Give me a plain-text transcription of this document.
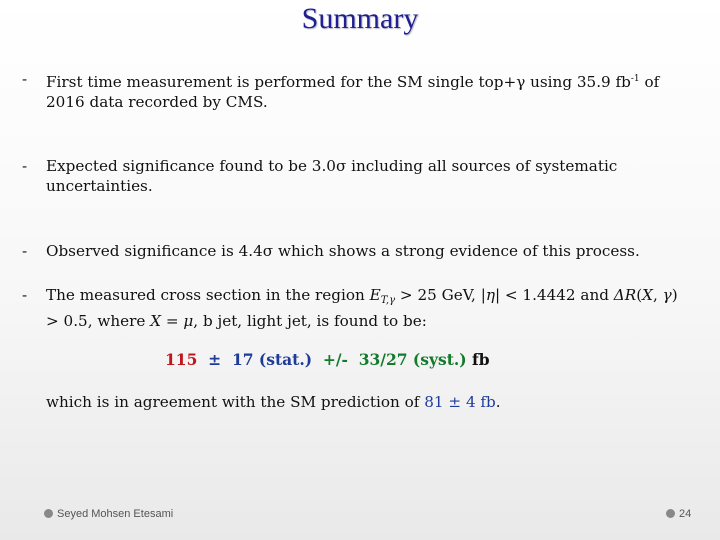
Summary
- First time measurement is performed for the SM single top+γ using 35.9 $fb^{-1}$ of 2016 data recorded by CMS.
- Expected significance found to be 3.0σ including all sources of systematic uncertainties.
- Observed significance is 4.4σ which shows a strong evidence of this process.
- The measured cross section in the region ET,γ > 25 GeV, |η| < 1.4442 and ΔR(X, γ) > 0.5, where X = μ, b jet, light jet, is found to be:
115  ±  17 (stat.)  +/-  33/27 (syst.) fb
which is in agreement with the SM prediction of 81 ± 4 fb.
Seyed Mohsen Etesami	24
